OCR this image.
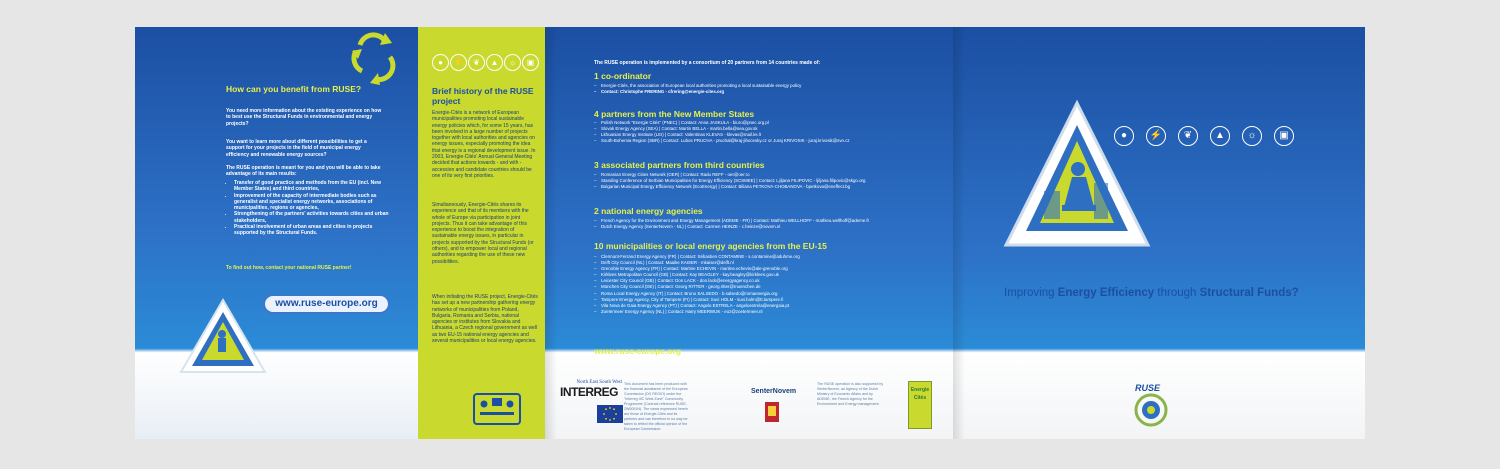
How can you benefit from RUSE?
You need more information about the existing experience on how to best use the Structural Funds in environmental and energy projects?
You want to learn more about different possibilities to get a support for your projects in the field of municipal energy efficiency and renewable energy sources?
The RUSE operation is meant for you and you will be able to take advantage of its main results:
• Transfer of good practice and methods from the EU (incl. New Member States) and third countries,
• Improvement of the capacity of intermediate bodies such as generalist and specialist energy networks, associations of municipalities, regions or agencies,
• Strengthening of the partners' activities towards cities and urban stakeholders,
• Practical involvement of urban areas and cities in projects supported by the Structural Funds.
To find out how, contact your national RUSE partner!
www.ruse-europe.org
●	⚡	❦	▲	☼	▣
Brief history of the RUSE project
Energie-Cités is a network of European municipalities promoting local sustainable energy policies which, for some 15 years, has been involved in a large number of projects together with local authorities and agencies on energy issues, especially promoting the idea that energy is a regional development issue. In 2003, Energie-Cités' Annual General Meeting decided that actions towards - and with - accession and candidate countries should be one of its very first priorities.
Simultaneously, Energie-Cités shares its experience and that of its members with the whole of Europe via participation in joint projects. Thus it can take advantage of this experience to boost the integration of sustainable energy issues, in particular in projects supported by the Structural Funds (or others), and to empower local and regional authorities regarding the use of these new possibilities.
When initiating the RUSE project, Energie-Cités has set up a new partnership gathering energy networks of municipalities from Poland, Bulgaria, Romania and Serbia, national agencies or institutes from Slovakia and Lithuania, a Czech regional government as well as two EU-15 national energy agencies and several municipalities or local energy agencies.
The RUSE operation is implemented by a consortium of 20 partners from 14 countries made of:
1 co-ordinator
– Energie-Cités, the association of European local authorities promoting a local sustainable energy policy
– Contact: Christophe FRERING - cfrering@energie-cites.org
4 partners from the New Member States
– Polish Network "Energie Cités" (PNEC) | Contact: Anna JASKULA - biuro@pnec.org.pl
– Slovak Energy Agency (SEA) | Contact: Martin BELLA - martin.bella@sea.gov.sk
– Lithuanian Energy Institute (LEI) | Contact: Valentinas KLEVAS - klevas@mail.lei.lt
– South-Bohemia Region (SBR) | Contact: Lubos PRUCHA - pruchal@kraj-jihocesky.cz or Juraj KRIVOSIK - juraj.krivosik@svn.cz
3 associated partners from third countries
– Romanian Energy Cities Network (OER) | Contact: Radu REFF - oer@oer.ro
– Standing Conference of Serbian Municipalities for Energy Efficiency (SCSMEE) | Contact: Ljiljana FILIPOVIC - ljiljana.filipovic@skgo.org
– Bulgarian Municipal Energy Efficiency Network (EcoEnergy) | Contact: Biliana PETKOVA-CHOBANOVA - bpetkova@eneffect.bg
2 national energy agencies
– French Agency for the Environment and Energy Management (ADEME - FR) | Contact: Mathieu WELLHOFF - mathieu.wellhoff@ademe.fr
– Dutch Energy Agency (SenterNovem - NL) | Contact: Carmen HEINZE - c.heinze@novem.nl
10 municipalities or local energy agencies from the EU-15
– Clermont-Ferrand Energy Agency (FR) | Contact: Sébastien CONTAMINE - s.contamine@aduhme.org
– Delft City Council (NL) | Contact: Maaike KAISER - mkaiser@delft.nl
– Grenoble Energy Agency (FR) | Contact: Martine ECHEVIN - martine.echevin@ale-grenoble.org
– Kirklees Metropolitan Council (GB) | Contact: Kay BEAGLEY - kay.beagley@kirklees.gov.uk
– Leicester City Council (GB) | Contact: Don LACK - don.lack@energyagency.co.uk
– München City Council (DE) | Contact: Georg RITTER - georg.ritter@muenchen.de
– Roma Local Energy Agency (IT) | Contact: Bruno SALSEDO - b.salsedo@romaenergia.org
– Tampere Energy Agency, City of Tampere (FI) | Contact: Suvi HOLM - suvi.holm@tt.tampere.fi
– Vila Nova de Gaia Energy Agency (PT) | Contact: Angelo ESTRELA - angeloestrela@energaia.pt
– Zoetermeer Energy Agency (NL) | Contact: Harry MEERWIJK - eoz@zoetermeer.nl
www.ruse-europe.org
North East South West
INTERREG

This document has been produced with the financial assistance of the European Commission (DG REGIO) under the "Interreg IIIC West Zone" Community Programme (Contract reference RUSE, 2W0051N). The views expressed herein are those of Energie-Cités and its partners and can therefore in no way be taken to reflect the official opinion of the European Commission.

SenterNovem

The RUSE operation is also supported by SenterNovem, an Agency of the Dutch Ministry of Economic Affairs and by ADEME, the French Agency for the Environment and Energy management.

Energie Cités
●	⚡	❦	▲	☼	▣
Improving Energy Efficiency through Structural Funds?
RUSE
